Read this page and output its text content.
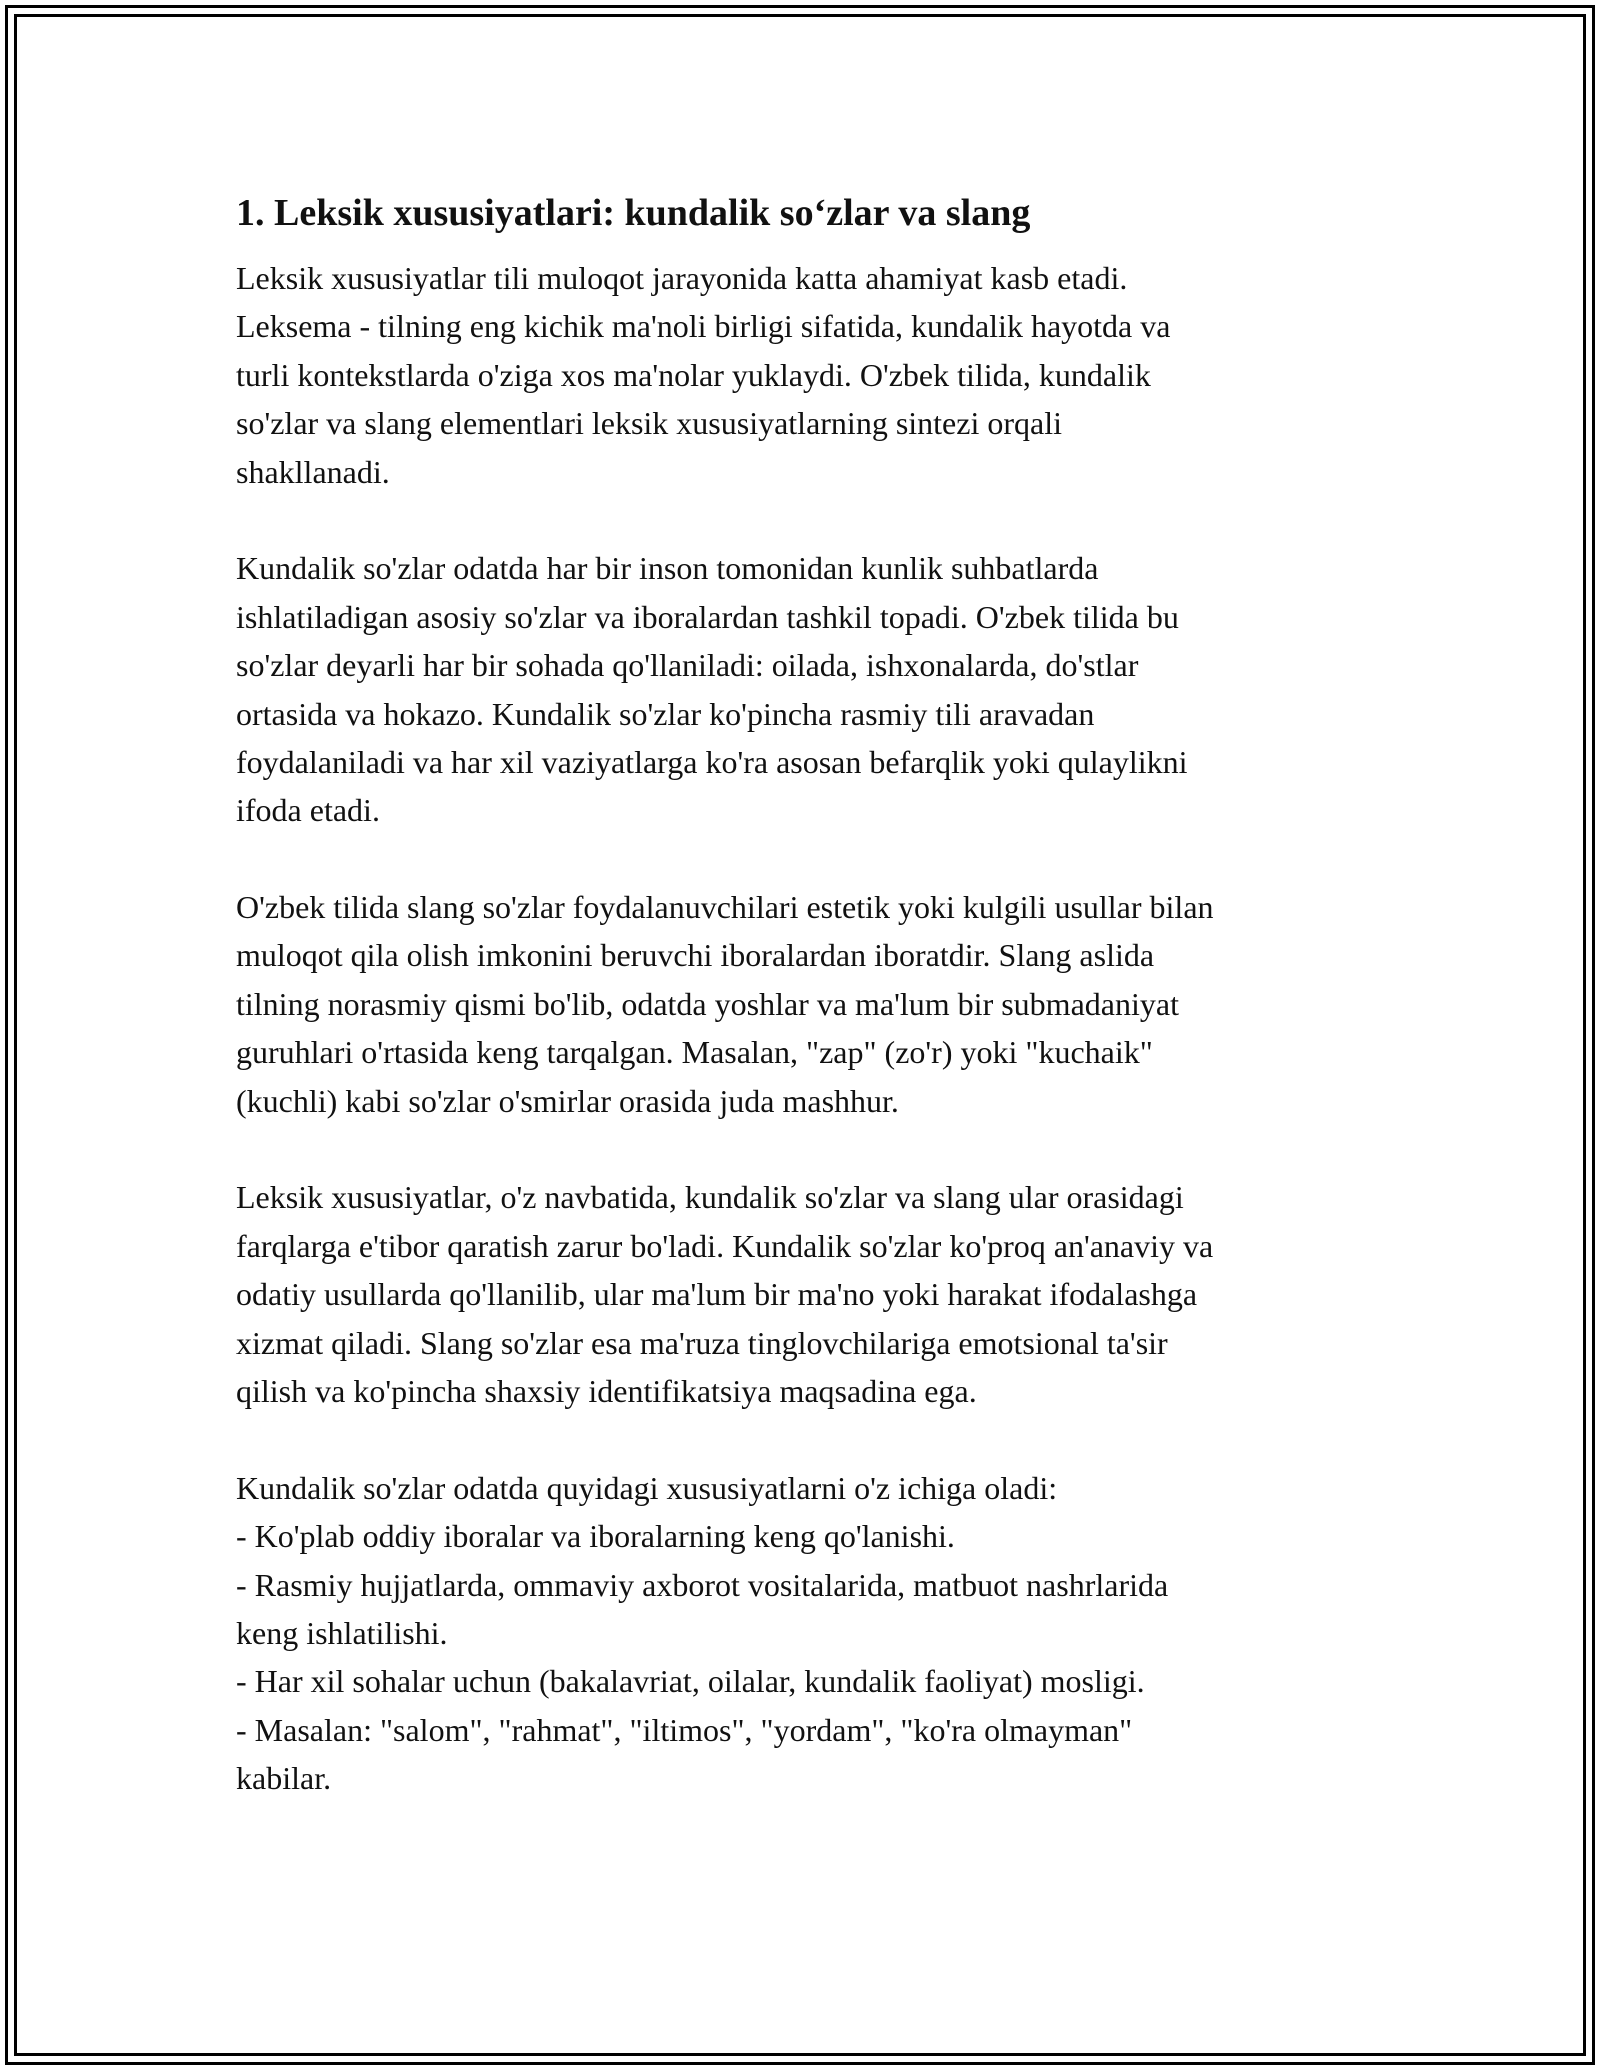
1. Leksik xususiyatlari: kundalik so‘zlar va slang
Leksik xususiyatlar tili muloqot jarayonida katta ahamiyat kasb etadi.
Leksema - tilning eng kichik ma'noli birligi sifatida, kundalik hayotda va
turli kontekstlarda o'ziga xos ma'nolar yuklaydi. O'zbek tilida, kundalik
so'zlar va slang elementlari leksik xususiyatlarning sintezi orqali
shakllanadi.
Kundalik so'zlar odatda har bir inson tomonidan kunlik suhbatlarda
ishlatiladigan asosiy so'zlar va iboralardan tashkil topadi. O'zbek tilida bu
so'zlar deyarli har bir sohada qo'llaniladi: oilada, ishxonalarda, do'stlar
ortasida va hokazo. Kundalik so'zlar ko'pincha rasmiy tili aravadan
foydalaniladi va har xil vaziyatlarga ko'ra asosan befarqlik yoki qulaylikni
ifoda etadi.
O'zbek tilida slang so'zlar foydalanuvchilari estetik yoki kulgili usullar bilan
muloqot qila olish imkonini beruvchi iboralardan iboratdir. Slang aslida
tilning norasmiy qismi bo'lib, odatda yoshlar va ma'lum bir submadaniyat
guruhlari o'rtasida keng tarqalgan. Masalan, "zap" (zo'r) yoki "kuchaik"
(kuchli) kabi so'zlar o'smirlar orasida juda mashhur.
Leksik xususiyatlar, o'z navbatida, kundalik so'zlar va slang ular orasidagi
farqlarga e'tibor qaratish zarur bo'ladi. Kundalik so'zlar ko'proq an'anaviy va
odatiy usullarda qo'llanilib, ular ma'lum bir ma'no yoki harakat ifodalashga
xizmat qiladi. Slang so'zlar esa ma'ruza tinglovchilariga emotsional ta'sir
qilish va ko'pincha shaxsiy identifikatsiya maqsadina ega.
Kundalik so'zlar odatda quyidagi xususiyatlarni o'z ichiga oladi:
- Ko'plab oddiy iboralar va iboralarning keng qo'lanishi.
- Rasmiy hujjatlarda, ommaviy axborot vositalarida, matbuot nashrlarida
keng ishlatilishi.
- Har xil sohalar uchun (bakalavriat, oilalar, kundalik faoliyat) mosligi.
- Masalan: "salom", "rahmat", "iltimos", "yordam", "ko'ra olmayman"
kabilar.
